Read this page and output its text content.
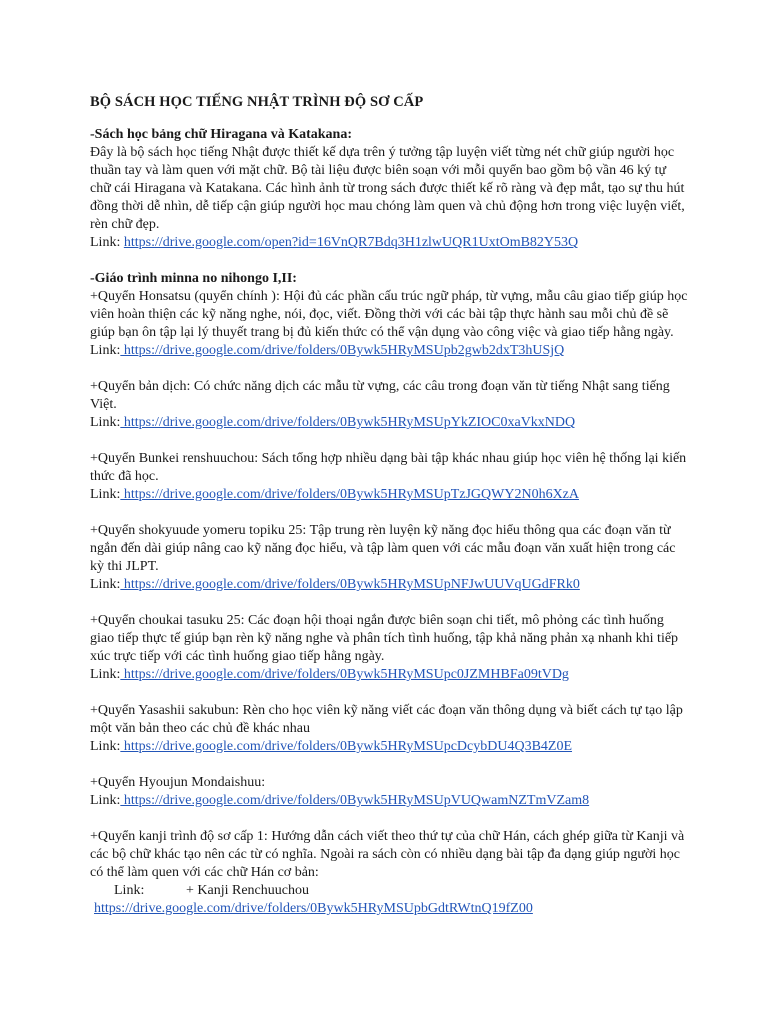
BỘ SÁCH HỌC TIẾNG NHẬT TRÌNH ĐỘ SƠ CẤP

-Sách học bảng chữ Hiragana và Katakana:

Đây là bộ sách học tiếng Nhật được thiết kế dựa trên ý tưởng tập luyện viết từng nét chữ giúp người học thuần tay và làm quen với mặt chữ. Bộ tài liệu được biên soạn với mỗi quyển bao gồm bộ vần 46 ký tự chữ cái Hiragana và Katakana. Các hình ảnh từ trong sách được thiết kế rõ ràng và đẹp mắt, tạo sự thu hút đồng thời dễ nhìn, dễ tiếp cận giúp người học mau chóng làm quen và chủ động hơn trong việc luyện viết, rèn chữ đẹp.

Link: https://drive.google.com/open?id=16VnQR7Bdq3H1zlwUQR1UxtOmB82Y53Q

-Giáo trình minna no nihongo I,II:

+Quyển Honsatsu (quyển chính ): Hội đủ các phần cấu trúc ngữ pháp, từ vựng, mẫu câu giao tiếp giúp học viên hoàn thiện các kỹ năng nghe, nói, đọc, viết. Đồng thời với các bài tập thực hành sau mỗi chủ đề sẽ giúp bạn ôn tập lại lý thuyết trang bị đủ kiến thức có thể vận dụng vào công việc và giao tiếp hằng ngày.

Link: https://drive.google.com/drive/folders/0Bywk5HRyMSUpb2gwb2dxT3hUSjQ

+Quyển bản dịch: Có chức năng dịch các mẫu từ vựng, các câu trong đoạn văn từ tiếng Nhật sang tiếng Việt.

Link: https://drive.google.com/drive/folders/0Bywk5HRyMSUpYkZIOC0xaVkxNDQ

+Quyển Bunkei renshuuchou: Sách tổng hợp nhiều dạng bài tập khác nhau giúp học viên hệ thống lại kiến thức đã học.

Link: https://drive.google.com/drive/folders/0Bywk5HRyMSUpTzJGQWY2N0h6XzA

+Quyển shokyuude yomeru topiku 25: Tập trung rèn luyện kỹ năng đọc hiểu thông qua các đoạn văn từ ngắn đến dài giúp nâng cao kỹ năng đọc hiểu, và tập làm quen với các mẫu đoạn văn xuất hiện trong các kỳ thi JLPT.

Link: https://drive.google.com/drive/folders/0Bywk5HRyMSUpNFJwUUVqUGdFRk0

+Quyển choukai tasuku 25: Các đoạn hội thoại ngắn được biên soạn chi tiết, mô phỏng các tình huống giao tiếp thực tế giúp bạn rèn kỹ năng nghe và phân tích tình huống, tập khả năng phản xạ nhanh khi tiếp xúc trực tiếp với các tình huống giao tiếp hằng ngày.

Link: https://drive.google.com/drive/folders/0Bywk5HRyMSUpc0JZMHBFa09tVDg

+Quyển Yasashii sakubun: Rèn cho học viên kỹ năng viết các đoạn văn thông dụng và biết cách tự tạo lập một văn bản theo các chủ đề khác nhau

Link: https://drive.google.com/drive/folders/0Bywk5HRyMSUpcDcybDU4Q3B4Z0E

+Quyển Hyoujun Mondaishuu:

Link: https://drive.google.com/drive/folders/0Bywk5HRyMSUpVUQwamNZTmVZam8

+Quyển kanji trình độ sơ cấp 1: Hướng dẫn cách viết theo thứ tự của chữ Hán, cách ghép giữa từ Kanji và các bộ chữ khác tạo nên các từ có nghĩa. Ngoài ra sách còn có nhiều dạng bài tập đa dạng giúp người học có thể làm quen với các chữ Hán cơ bản:

Link:	+ Kanji Renchuuchou

https://drive.google.com/drive/folders/0Bywk5HRyMSUpbGdtRWtnQ19fZ00
